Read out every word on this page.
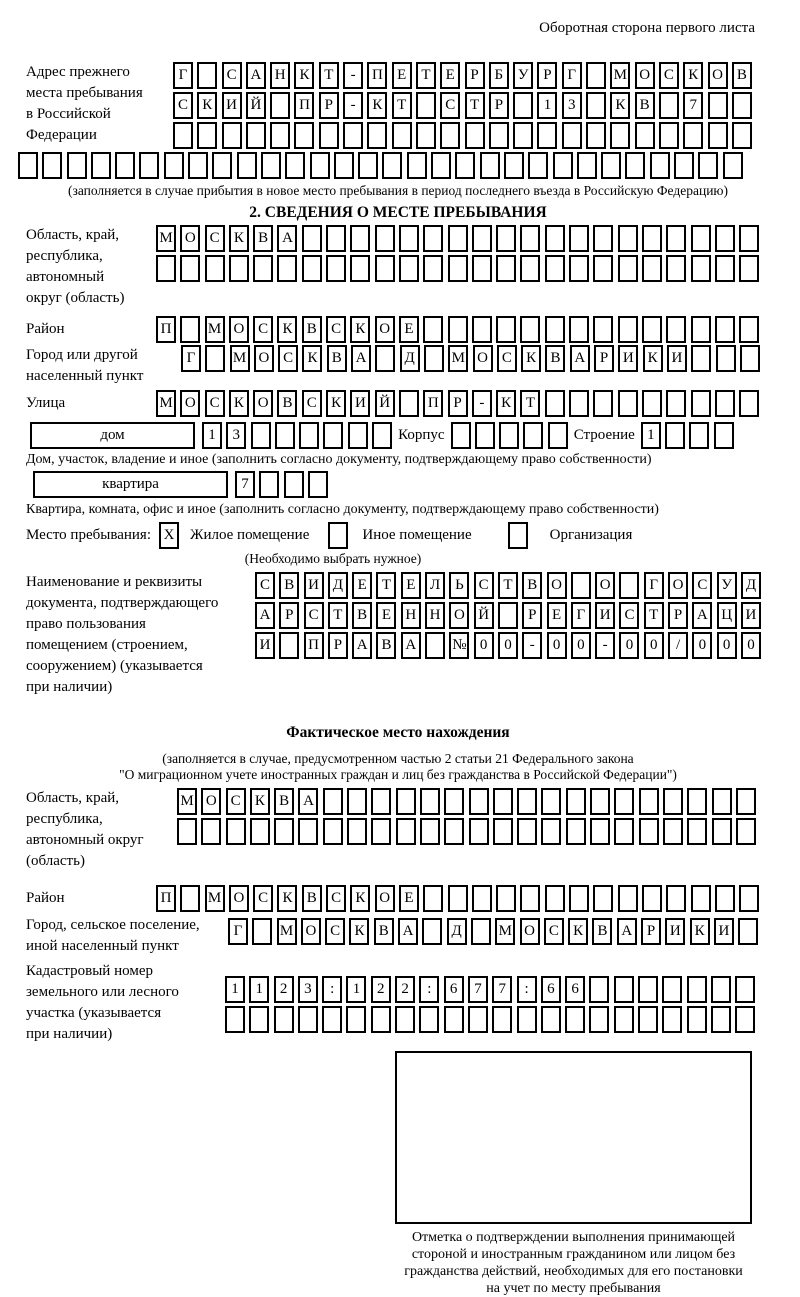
Оборотная сторона первого листа
Адрес прежнего
места пребывания
в Российской
Федерации
Г	С А Н К Т	-	П Е	Т	Е	Р	Б У Р	Г	М О С К О В
С К И Й	П Р	-	К Т	С Т	Р	1	3	К В	7
(заполняется в случае прибытия в новое место пребывания в период последнего въезда в Российскую Федерацию)
2. СВЕДЕНИЯ О МЕСТЕ ПРЕБЫВАНИЯ
Область, край,
республика,
автономный
округ (область)
М О С К В А
Район	П	М О С К В С К О Е
Город или другой
населенный пункт
Г	М О С К В А	Д	М О С К В А Р И К И
Улица	М О С К О В С К И Й	П Р	-	К Т
дом	1	3	Корпус	Строение 1
Дом, участок, владение и иное (заполнить согласно документу, подтверждающему право собственности)
квартира	7
Квартира, комната, офис и иное (заполнить согласно документу, подтверждающему право собственности)
Место пребывания: X	Жилое помещение	Иное помещение	Организация
(Необходимо выбрать нужное)
Наименование и реквизиты
документа, подтверждающего
право пользования
помещением (строением,
сооружением) (указывается
при наличии)
С В И Д Е	Т	Е Л Ь С Т В О	О	Г О С У Д
А Р	С Т В Е Н Н О Й	Р	Е	Г И С Т	Р А Ц И
И	П Р А В А	№ 0	0	-	0	0	-	0	0	/	0	0	0
Фактическое место нахождения
(заполняется в случае, предусмотренном частью 2 статьи 21 Федерального закона
"О миграционном учете иностранных граждан и лиц без гражданства в Российской Федерации")
Область, край,
республика,
автономный округ
(область)
М О С К В А
Район	П	М О С К В С К О Е
Город, сельское поселение,
иной населенный пункт
Г	М О С К В А	Д	М О С К В А Р И К И
Кадастровый номер
земельного или лесного
участка (указывается
при наличии)
1	1	2	3	:	1	2	2	:	6	7	7	:	6	6
Отметка о подтверждении выполнения принимающей
стороной и иностранным гражданином или лицом без
гражданства действий, необходимых для его постановки
на учет по месту пребывания
